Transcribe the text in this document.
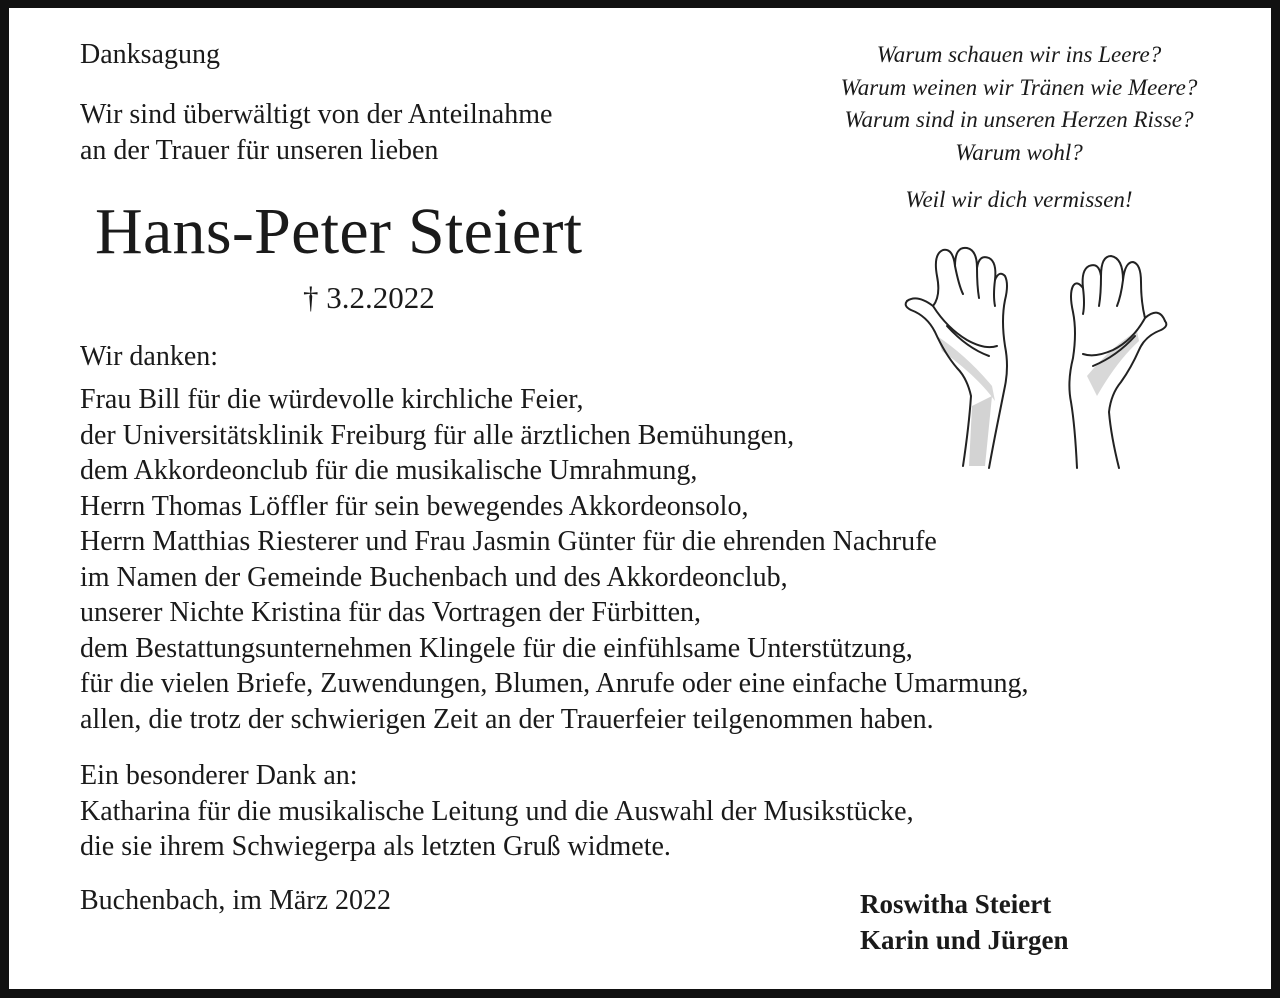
Danksagung
Wir sind überwältigt von der Anteilnahme
an der Trauer für unseren lieben
Hans-Peter Steiert
† 3.2.2022
Warum schauen wir ins Leere?
Warum weinen wir Tränen wie Meere?
Warum sind in unseren Herzen Risse?
Warum wohl?
Weil wir dich vermissen!
Wir danken:
Frau Bill für die würdevolle kirchliche Feier,
der Universitätsklinik Freiburg für alle ärztlichen Bemühungen,
dem Akkordeonclub für die musikalische Umrahmung,
Herrn Thomas Löffler für sein bewegendes Akkordeonsolo,
Herrn Matthias Riesterer und Frau Jasmin Günter für die ehrenden Nachrufe
im Namen der Gemeinde Buchenbach und des Akkordeonclub,
unserer Nichte Kristina für das Vortragen der Fürbitten,
dem Bestattungsunternehmen Klingele für die einfühlsame Unterstützung,
für die vielen Briefe, Zuwendungen, Blumen, Anrufe oder eine einfache Umarmung,
allen, die trotz der schwierigen Zeit an der Trauerfeier teilgenommen haben.
Ein besonderer Dank an:
Katharina für die musikalische Leitung und die Auswahl der Musikstücke,
die sie ihrem Schwiegerpa als letzten Gruß widmete.
Buchenbach, im März 2022	Roswitha Steiert
Karin und Jürgen
